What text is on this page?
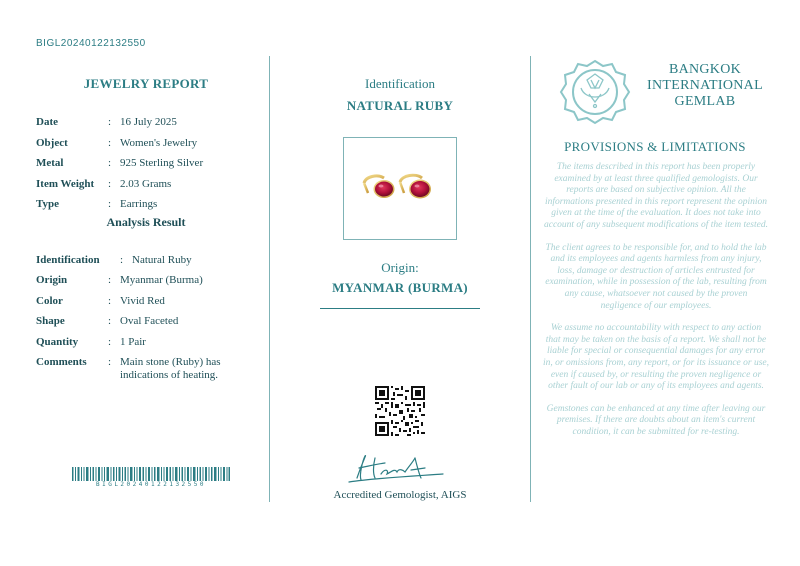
BIGL20240122132550
JEWELRY REPORT
Date	: 16 July 2025
Object	: Women's Jewelry
Metal	: 925 Sterling Silver
Item Weight	: 2.03 Grams
Type	: Earrings
Analysis Result
Identification	: Natural Ruby
Origin	: Myanmar (Burma)
Color	: Vivid Red
Shape	: Oval Faceted
Quantity	: 1 Pair
Comments	: Main stone (Ruby) has indications of heating.
BIGL20240122132550
Identification
NATURAL RUBY
Origin:
MYANMAR (BURMA)
Accredited Gemologist, AIGS
BANGKOK
INTERNATIONAL
GEMLAB
PROVISIONS & LIMITATIONS

The items described in this report has been properly examined by at least three qualified gemologists. Our reports are based on subjective opinion. All the informations presented in this report represent the opinion given at the time of the evaluation. It does not take into account of any subsequent modifications of the item tested.

The client agrees to be responsible for, and to hold the lab and its employees and agents harmless from any injury, loss, damage or destruction of articles entrusted for examination, while in possession of the lab, resulting from any cause, whatsoever not caused by the proven negligence of our employees.

We assume no accountability with respect to any action that may be taken on the basis of a report. We shall not be liable for special or consequential damages for any error in, or omissions from, any report, or for its issuance or use, even if caused by, or resulting the proven negligence or other fault of our lab or any of its employees and agents.

Gemstones can be enhanced at any time after leaving our premises. If there are doubts about an item's current condition, it can be submitted for re-testing.
